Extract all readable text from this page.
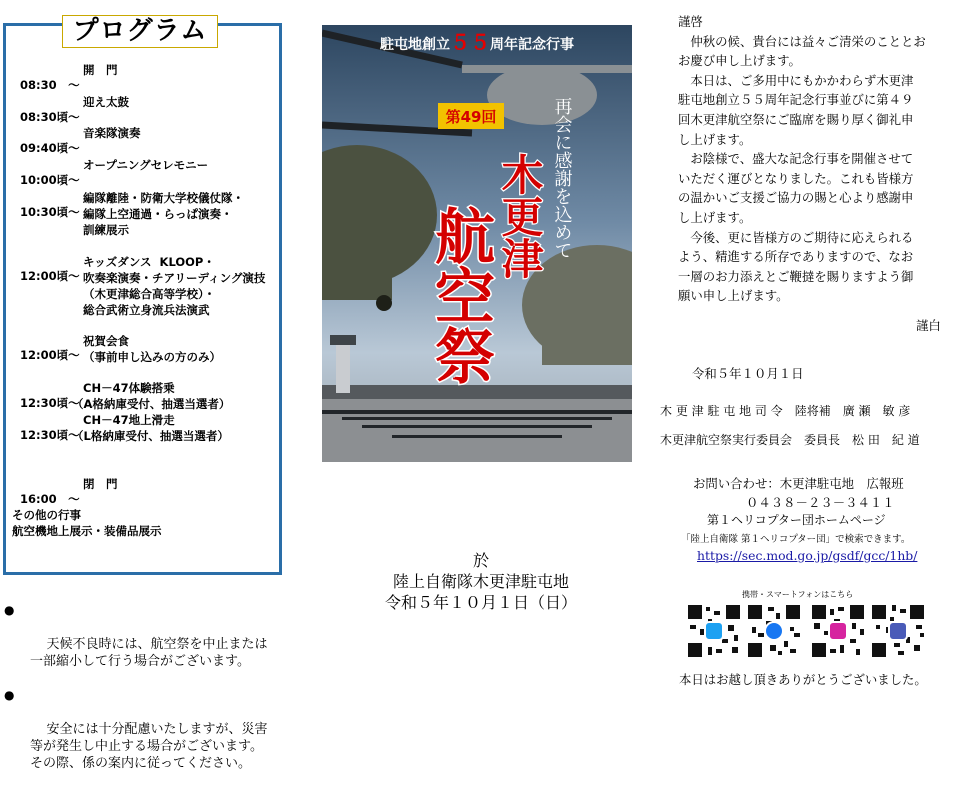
プログラム

08:30　～

開　門

08:30頃～

迎え太鼓

09:40頃～

音楽隊演奏

10:00頃～

オープニングセレモニー

10:30頃～

編隊離陸・防衛大学校儀仗隊・
編隊上空通過・らっぱ演奏・
訓練展示

12:00頃～

キッズダンス  KLOOP・
吹奏楽演奏・チアリーディング演技
（木更津総合高等学校）・
総合武術立身流兵法演武

12:00頃～

祝賀会食
（事前申し込みの方のみ）

12:30頃～

CH－47体験搭乗

（A格納庫受付、抽選当選者）

12:30頃～

CH－47地上滑走

（L格納庫受付、抽選当選者）

16:00　～

閉　門

その他の行事
航空機地上展示・装備品展示

●

天候不良時には、航空祭を中止または
一部縮小して行う場合がございます。

●

安全には十分配慮いたしますが、災害
等が発生し中止する場合がございます。
その際、係の案内に従ってください。

駐屯地創立５５周年記念行事
第49回	再会に感謝を込めて
木更津
航空祭
於
陸上自衛隊木更津駐屯地
令和５年１０月１日（日）
謹啓
　仲秋の候、貴台には益々ご清栄のこととお
お慶び申し上げます。
　本日は、ご多用中にもかかわらず木更津
駐屯地創立５５周年記念行事並びに第４９
回木更津航空祭にご臨席を賜り厚く御礼申
し上げます。
　お陰様で、盛大な記念行事を開催させて
いただく運びとなりました。これも皆様方
の温かいご支援ご協力の賜と心より感謝申
し上げます。
　今後、更に皆様方のご期待に応えられる
よう、精進する所存でありますので、なお
一層のお力添えとご鞭撻を賜りますよう御
願い申し上げます。
謹白
令和５年１０月１日
木 更 津 駐 屯 地 司 令　陸将補　廣 瀬　敏 彦
木更津航空祭実行委員会　委員長　松 田　紀 道
お問い合わせ：木更津駐屯地　広報班
０４３８－２３－３４１１
第１ヘリコプター団ホームページ
「陸上自衛隊 第１ヘリコプター団」で検索できます。
https://sec.mod.go.jp/gsdf/gcc/1hb/
携帯・スマートフォンはこちら
本日はお越し頂きありがとうございました。
